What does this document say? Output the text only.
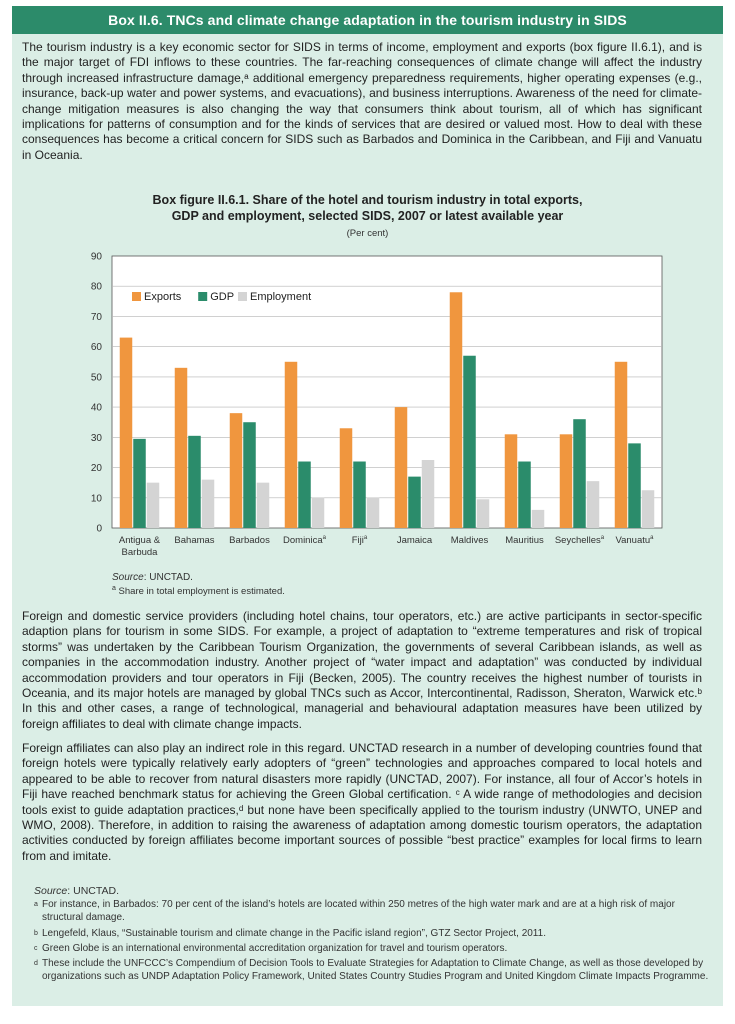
Box II.6. TNCs and climate change adaptation in the tourism industry in SIDS

The tourism industry is a key economic sector for SIDS in terms of income, employment and exports (box figure II.6.1), and is the major target of FDI inflows to these countries. The far-reaching consequences of climate change will affect the industry through increased infrastructure damage,ᵃ additional emergency preparedness requirements, higher operating expenses (e.g., insurance, back-up water and power systems, and evacuations), and business interruptions. Awareness of the need for climate-change mitigation measures is also changing the way that consumers think about tourism, all of which has significant implications for patterns of consumption and for the kinds of services that are desired or valued most. How to deal with these consequences has become a critical concern for SIDS such as Barbados and Dominica in the Caribbean, and Fiji and Vanuatu in Oceania.

Box figure II.6.1. Share of the hotel and tourism industry in total exports,
GDP and employment, selected SIDS, 2007 or latest available year
(Per cent)
0
10
20
30
40
50
60
70
80
90
Antigua &
Barbuda
Bahamas Barbados Dominica$^a$	Fiji$^a$	Jamaica Maldives Mauritius Seychelles$^a$ Vanuatu$^a$
Exports	GDP Employment
Source: UNCTAD.
$^a$ Share in total employment is estimated.

Foreign and domestic service providers (including hotel chains, tour operators, etc.) are active participants in sector-specific adaption plans for tourism in some SIDS. For example, a project of adaptation to “extreme temperatures and risk of tropical storms” was undertaken by the Caribbean Tourism Organization, the governments of several Caribbean islands, as well as companies in the accommodation industry. Another project of “water impact and adaptation” was conducted by individual accommodation providers and tour operators in Fiji (Becken, 2005). The country receives the highest number of tourists in Oceania, and its major hotels are managed by global TNCs such as Accor, Intercontinental, Radisson, Sheraton, Warwick etc.ᵇ In this and other cases, a range of technological, managerial and behavioural adaptation measures have been utilized by foreign affiliates to deal with climate change impacts.

Foreign affiliates can also play an indirect role in this regard. UNCTAD research in a number of developing countries found that foreign hotels were typically relatively early adopters of “green” technologies and approaches compared to local hotels and appeared to be able to recover from natural disasters more rapidly (UNCTAD, 2007). For instance, all four of Accor’s hotels in Fiji have reached benchmark status for achieving the Green Global certification. ᶜ A wide range of methodologies and decision tools exist to guide adaptation practices,ᵈ but none have been specifically applied to the tourism industry (UNWTO, UNEP and WMO, 2008). Therefore, in addition to raising the awareness of adaptation among domestic tourism operators, the adaptation activities conducted by foreign affiliates become important sources of possible “best practice” examples for local firms to learn from and imitate.

Source: UNCTAD.
a For instance, in Barbados: 70 per cent of the island’s hotels are located within 250 metres of the high water mark and are at a high risk of major structural damage.
b Lengefeld, Klaus, “Sustainable tourism and climate change in the Pacific island region”, GTZ Sector Project, 2011.
c Green Globe is an international environmental accreditation organization for travel and tourism operators.
d These include the UNFCCC’s Compendium of Decision Tools to Evaluate Strategies for Adaptation to Climate Change, as well as those developed by organizations such as UNDP Adaptation Policy Framework, United States Country Studies Program and United Kingdom Climate Impacts Programme.
